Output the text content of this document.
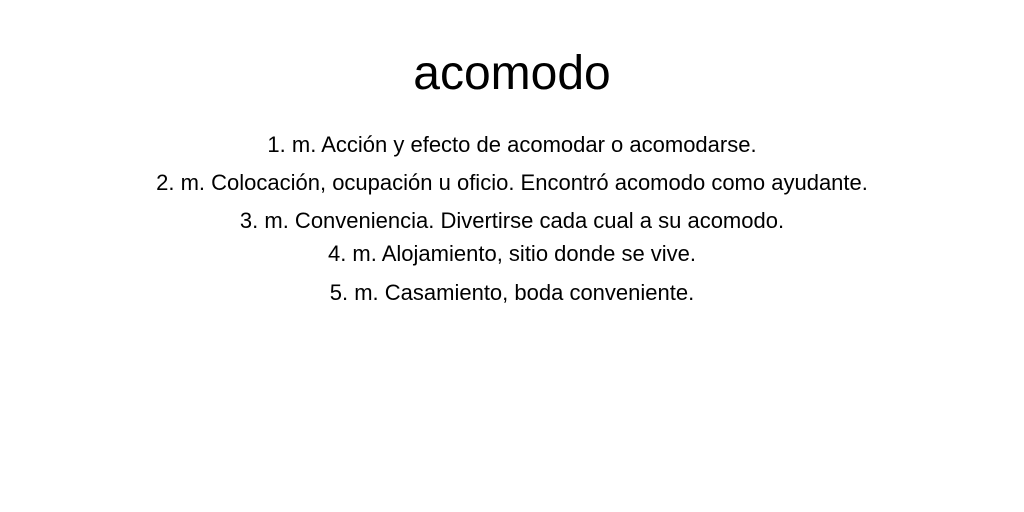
acomodo

1. m. Acción y efecto de acomodar o acomodarse.

2. m. Colocación, ocupación u oficio. Encontró acomodo como ayudante.

3. m. Conveniencia. Divertirse cada cual a su acomodo.

4. m. Alojamiento, sitio donde se vive.

5. m. Casamiento, boda conveniente.
